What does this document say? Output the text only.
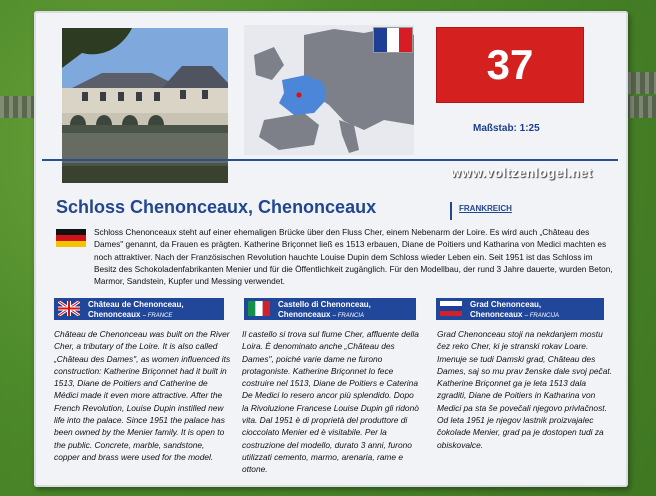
37
Maßstab: 1:25
www.voltzenlogel.net
Schloss Chenonceaux, Chenonceaux	FRANKREICH
Schloss Chenonceaux steht auf einer ehemaligen Brücke über den Fluss Cher, einem Nebenarm der Loire. Es wird auch „Château des Dames" genannt, da Frauen es prägten. Katherine Briçonnet ließ es 1513 erbauen, Diane de Poitiers und Katharina von Medici machten es noch attraktiver. Nach der Französischen Revolution hauchte Louise Dupin dem Schloss wieder Leben ein. Seit 1951 ist das Schloss im Besitz des Schokoladenfabrikanten Menier und für die Öffentlichkeit zugänglich. Für den Modellbau, der rund 3 Jahre dauerte, wurden Beton, Marmor, Sandstein, Kupfer und Messing verwendet.
Château de Chenonceau,
Chenonceaux – FRANCE
Castello di Chenonceau,
Chenonceaux – FRANCIA
Grad Chenonceau,
Chenonceaux – FRANCIJA
Château de Chenonceau was built on the River Cher, a tributary of the Loire. It is also called „Château des Dames", as women influenced its construction: Katherine Briçonnet had it built in 1513, Diane de Poitiers and Catherine de Médici made it even more attractive. After the French Revolution, Louise Dupin instilled new life into the palace. Since 1951 the palace has been owned by the Menier family. It is open to the public. Concrete, marble, sandstone, copper and brass were used for the model.
Il castello si trova sul fiume Cher, affluente della Loira. È denominato anche „Château des Dames", poiché varie dame ne furono protagoniste. Katherine Briçonnet lo fece costruire nel 1513, Diane de Poitiers e Caterina De Medici lo resero ancor più splendido. Dopo la Rivoluzione Francese Louise Dupin gli ridonò vita. Dal 1951 è di proprietà del produttore di cioccolato Menier ed è visitabile. Per la costruzione del modello, durato 3 anni, furono utilizzati cemento, marmo, arenaria, rame e ottone.
Grad Chenonceau stoji na nekdanjem mostu čez reko Cher, ki je stranski rokav Loare. Imenuje se tudi Damski grad, Château des Dames, saj so mu prav ženske dale svoj pečat. Katherine Briçonnet ga je leta 1513 dala zgraditi, Diane de Poitiers in Katharina von Medici pa sta še povečali njegovo privlačnost. Od leta 1951 je njegov lastnik proizvajalec čokolade Menier, grad pa je dostopen tudi za obiskovalce.
